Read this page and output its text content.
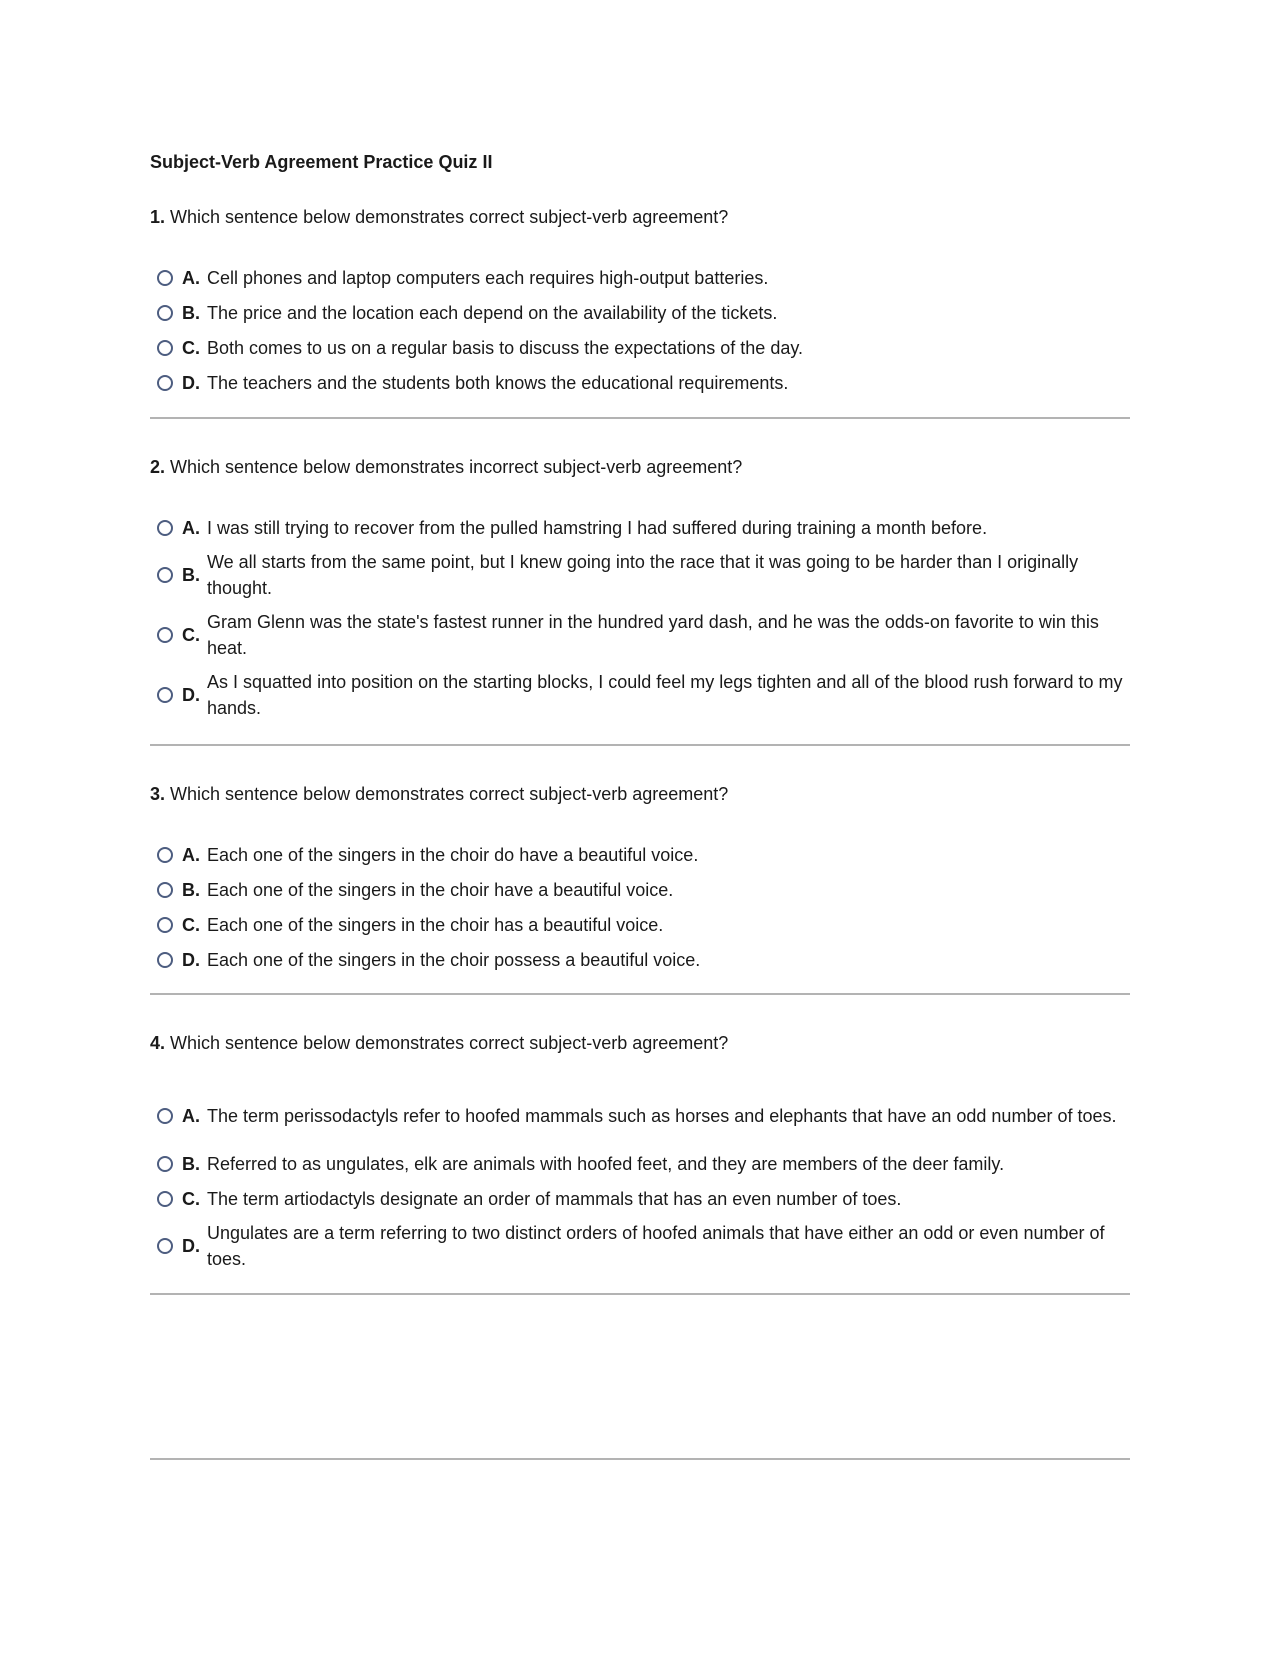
Subject-Verb Agreement Practice Quiz II

1. Which sentence below demonstrates correct subject-verb agreement?

A. Cell phones and laptop computers each requires high-output batteries.
B. The price and the location each depend on the availability of the tickets.
C. Both comes to us on a regular basis to discuss the expectations of the day.
D. The teachers and the students both knows the educational requirements.

2. Which sentence below demonstrates incorrect subject-verb agreement?

A. I was still trying to recover from the pulled hamstring I had suffered during training a month before.
B.
We all starts from the same point, but I knew going into the race that it was going to be harder than I originally thought.
C.
Gram Glenn was the state's fastest runner in the hundred yard dash, and he was the odds-on favorite to win this heat.
D.
As I squatted into position on the starting blocks, I could feel my legs tighten and all of the blood rush forward to my hands.

3. Which sentence below demonstrates correct subject-verb agreement?

A. Each one of the singers in the choir do have a beautiful voice.
B. Each one of the singers in the choir have a beautiful voice.
C. Each one of the singers in the choir has a beautiful voice.
D. Each one of the singers in the choir possess a beautiful voice.

4. Which sentence below demonstrates correct subject-verb agreement?

A. The term perissodactyls refer to hoofed mammals such as horses and elephants that have an odd number of toes.
B. Referred to as ungulates, elk are animals with hoofed feet, and they are members of the deer family.
C. The term artiodactyls designate an order of mammals that has an even number of toes.
D.
Ungulates are a term referring to two distinct orders of hoofed animals that have either an odd or even number of toes.
